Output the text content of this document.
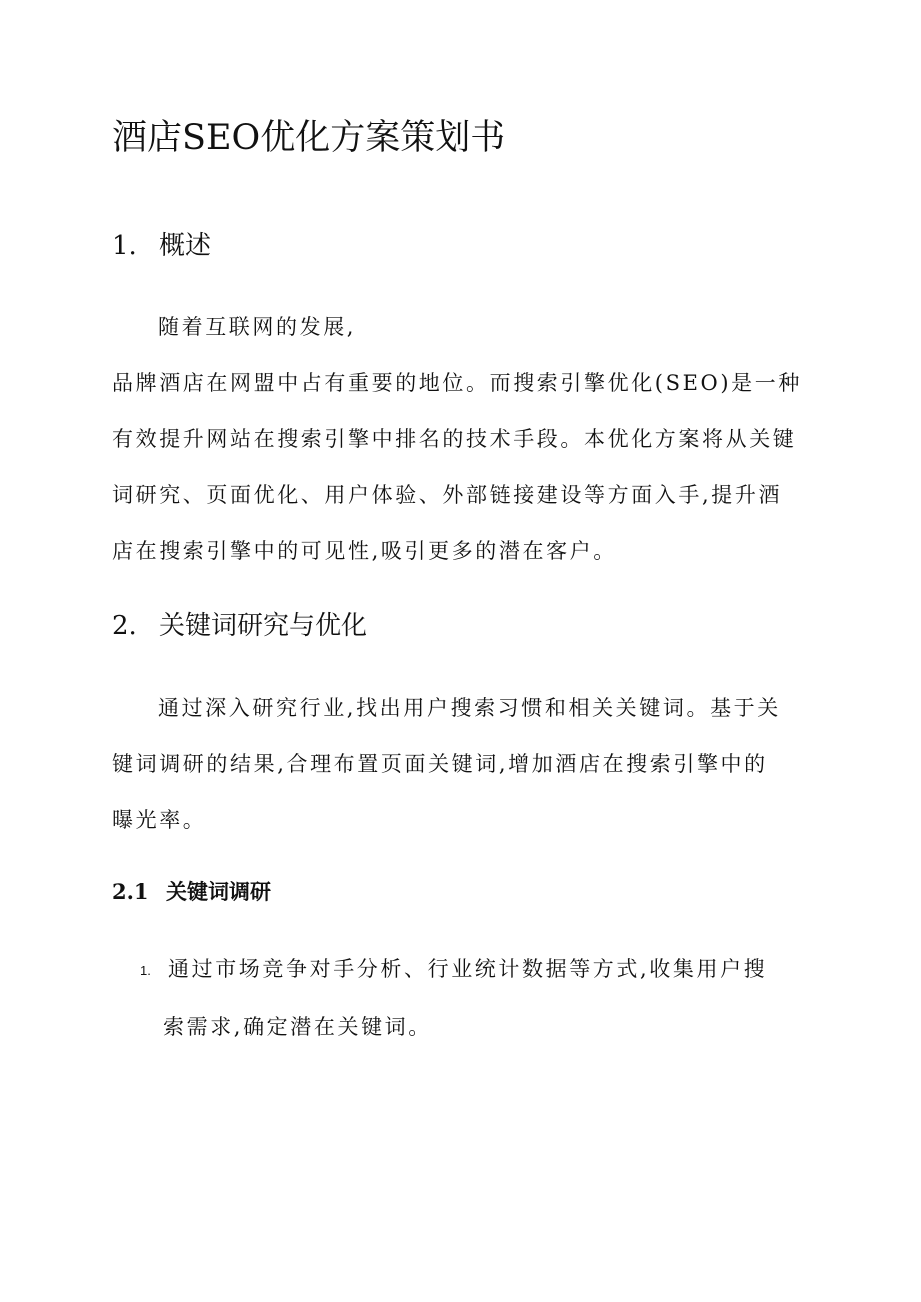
酒店SEO优化方案策划书
1. 概述

随着互联网的发展,

品牌酒店在网盟中占有重要的地位。而搜索引擎优化(SEO)是一种

有效提升网站在搜索引擎中排名的技术手段。本优化方案将从关键

词研究、页面优化、用户体验、外部链接建设等方面入手,提升酒

店在搜索引擎中的可见性,吸引更多的潜在客户。

2. 关键词研究与优化

通过深入研究行业,找出用户搜索习惯和相关关键词。基于关

键词调研的结果,合理布置页面关键词,增加酒店在搜索引擎中的

曝光率。

2.1 关键词调研
1. 通过市场竞争对手分析、行业统计数据等方式,收集用户搜

索需求,确定潜在关键词。
